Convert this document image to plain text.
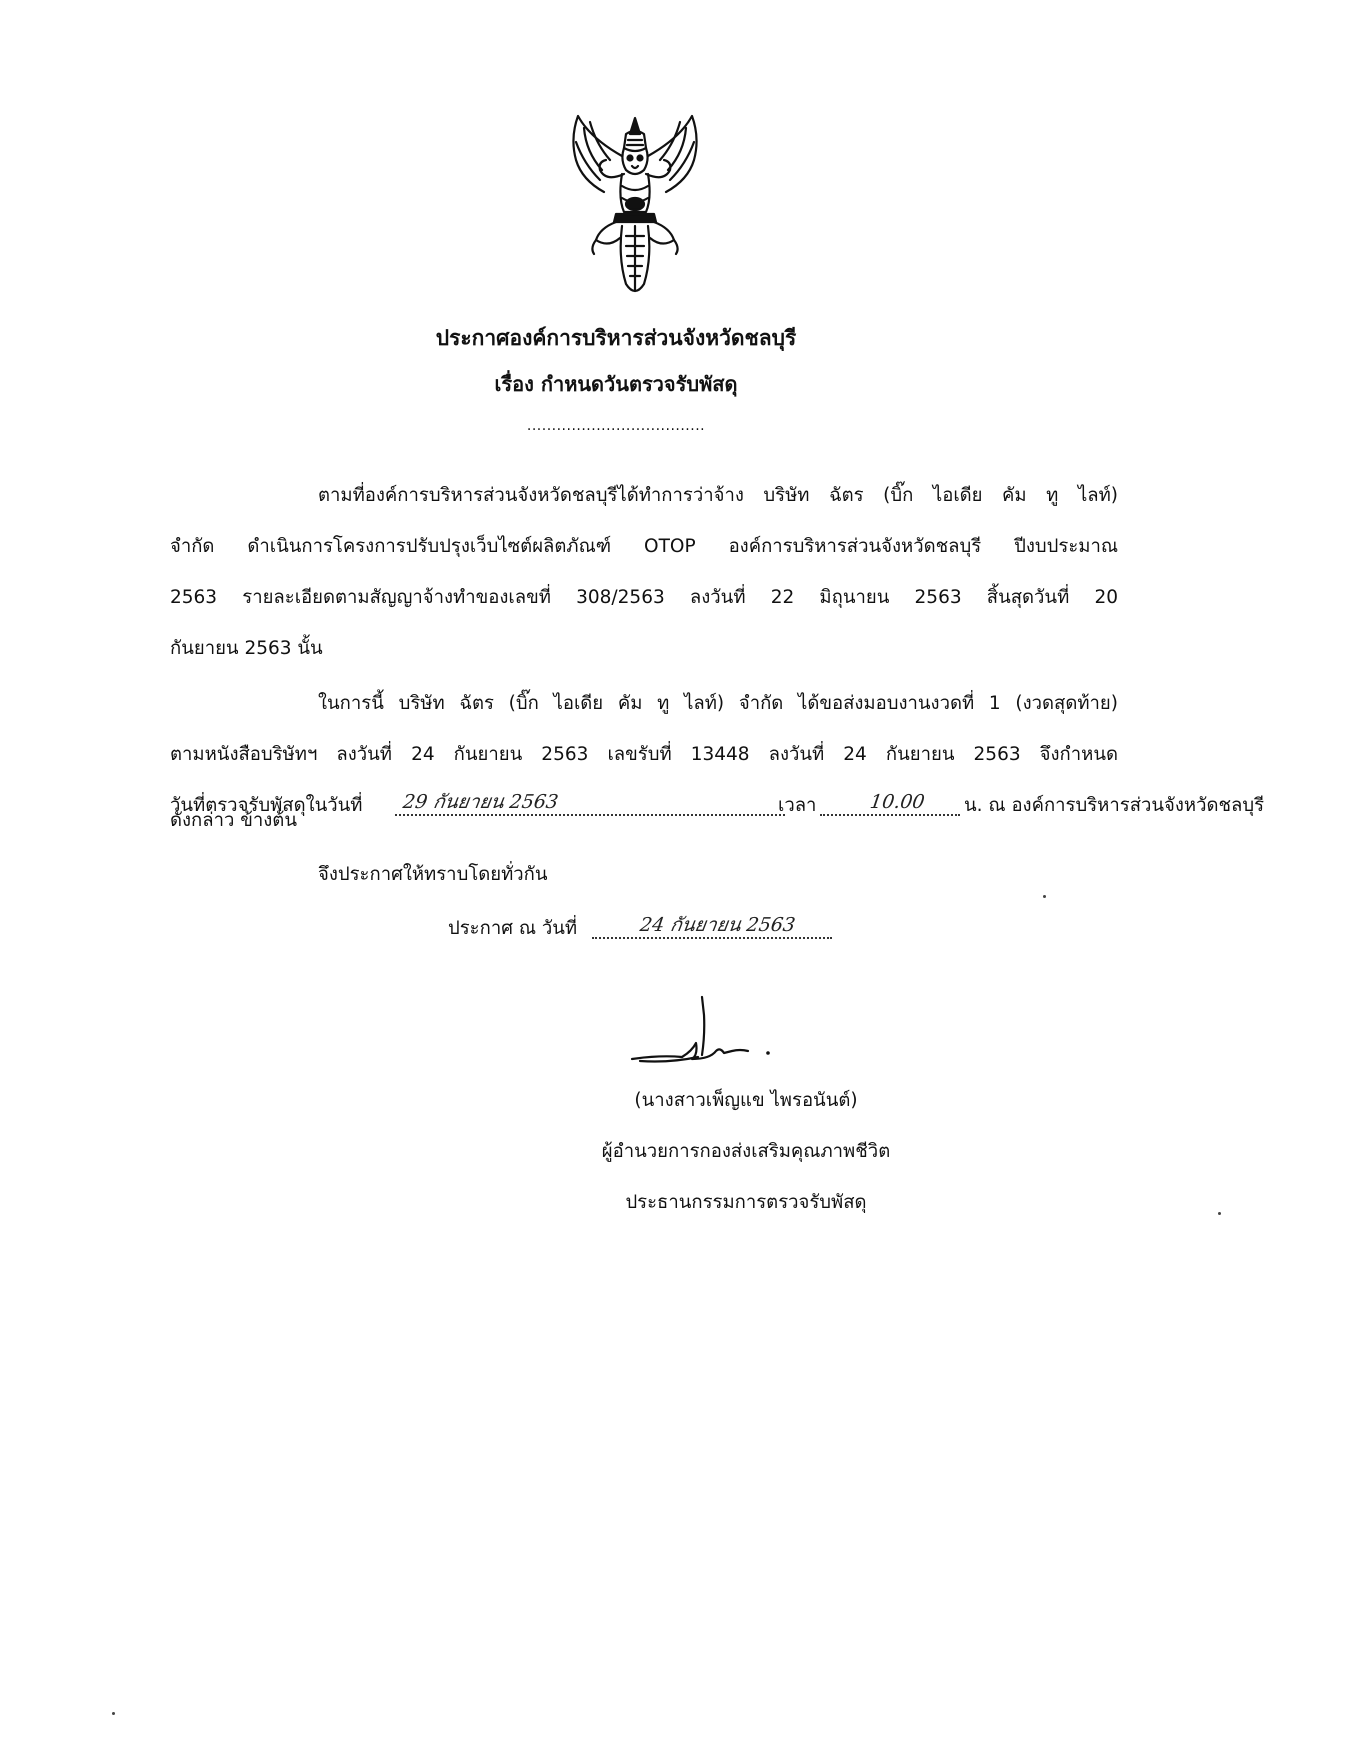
ประกาศองค์การบริหารส่วนจังหวัดชลบุรี
เรื่อง กำหนดวันตรวจรับพัสดุ
....................................
ตามที่องค์การบริหารส่วนจังหวัดชลบุรีได้ทำการว่าจ้าง บริษัท ฉัตร (บิ๊ก ไอเดีย คัม ทู ไลท์)
จำกัด ดำเนินการโครงการปรับปรุงเว็บไซต์ผลิตภัณฑ์ OTOP องค์การบริหารส่วนจังหวัดชลบุรี ปีงบประมาณ
2563 รายละเอียดตามสัญญาจ้างทำของเลขที่ 308/2563 ลงวันที่ 22 มิถุนายน 2563 สิ้นสุดวันที่ 20
กันยายน 2563 นั้น
ในการนี้ บริษัท ฉัตร (บิ๊ก ไอเดีย คัม ทู ไลท์) จำกัด ได้ขอส่งมอบงานงวดที่ 1 (งวดสุดท้าย)
ตามหนังสือบริษัทฯ ลงวันที่ 24 กันยายน 2563 เลขรับที่ 13448 ลงวันที่ 24 กันยายน 2563 จึงกำหนด
วันที่ตรวจรับพัสดุในวันที่ 29 กันยายน 2563	เวลา	10.00 น. ณ องค์การบริหารส่วนจังหวัดชลบุรี
ดังกล่าว ข้างต้น
จึงประกาศให้ทราบโดยทั่วกัน
ประกาศ ณ วันที่	24 กันยายน 2563
(นางสาวเพ็ญแข ไพรอนันต์)
ผู้อำนวยการกองส่งเสริมคุณภาพชีวิต
ประธานกรรมการตรวจรับพัสดุ
